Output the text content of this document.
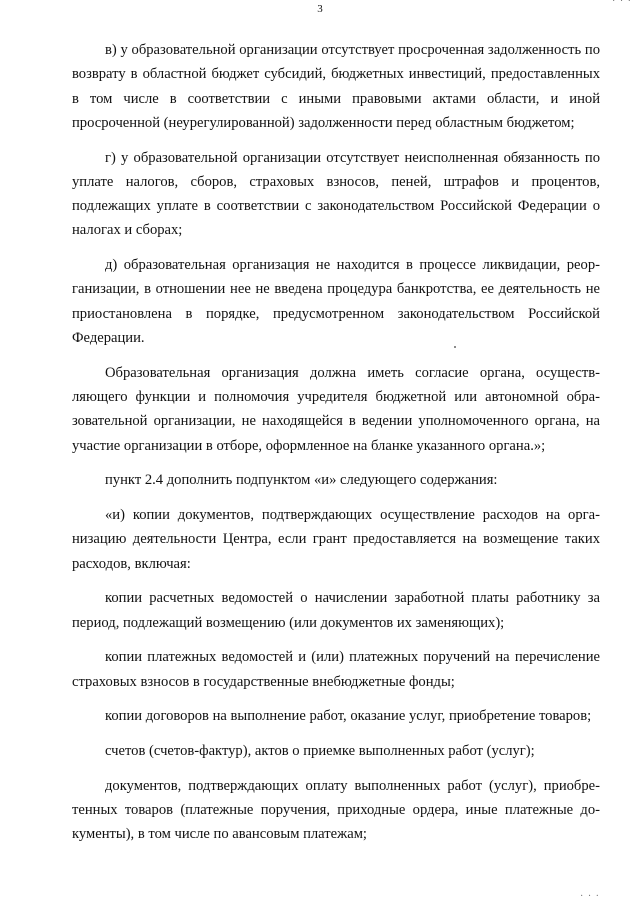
· · ·
3

в) у образовательной организации отсутствует просроченная задолженность по возврату в областной бюджет субсидий, бюджетных инвестиций, предоставленных в том числе в соответствии с иными правовыми актами области, и иной просроченной (неурегулированной) задолженности перед областным бюджетом;

г) у образовательной организации отсутствует неисполненная обязанность по уплате налогов, сборов, страховых взносов, пеней, штрафов и процентов, подлежащих уплате в соответствии с законодательством Российской Федерации о налогах и сборах;

д) образовательная организация не находится в процессе ликвидации, реорганизации, в отношении нее не введена процедура банкротства, ее деятельность не приостановлена в порядке, предусмотренном законодательством Российской Федерации.

Образовательная организация должна иметь согласие органа, осуществляющего функции и полномочия учредителя бюджетной или автономной образовательной организации, не находящейся в ведении уполномоченного органа, на участие организации в отборе, оформленное на бланке указанного органа.»;

пункт 2.4 дополнить подпунктом «и» следующего содержания:

«и) копии документов, подтверждающих осуществление расходов на организацию деятельности Центра, если грант предоставляется на возмещение таких расходов, включая:

копии расчетных ведомостей о начислении заработной платы работнику за период, подлежащий возмещению (или документов их заменяющих);

копии платежных ведомостей и (или) платежных поручений на перечисление страховых взносов в государственные внебюджетные фонды;

копии договоров на выполнение работ, оказание услуг, приобретение товаров;

счетов (счетов-фактур), актов о приемке выполненных работ (услуг);

документов, подтверждающих оплату выполненных работ (услуг), приобретенных товаров (платежные поручения, приходные ордера, иные платежные документы), в том числе по авансовым платежам;

· · ·
